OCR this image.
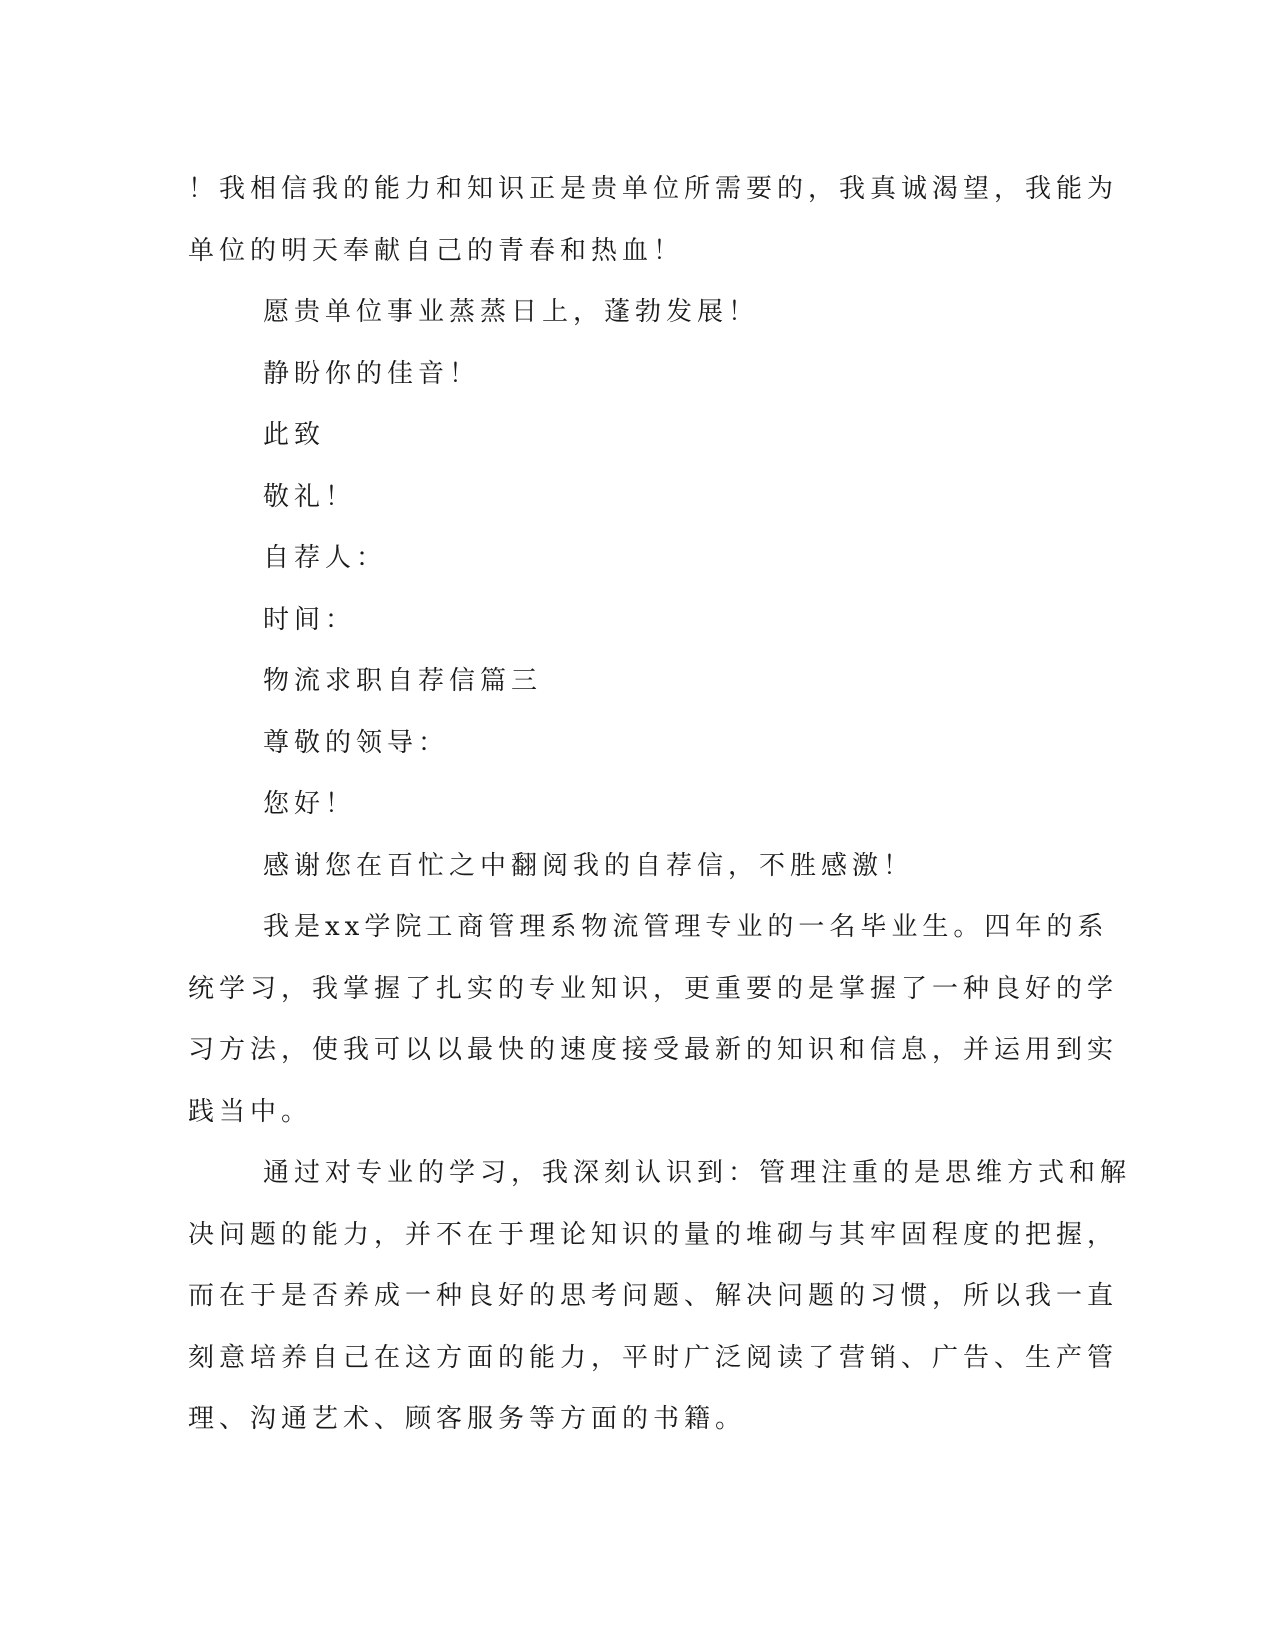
！我相信我的能力和知识正是贵单位所需要的，我真诚渴望，我能为

单位的明天奉献自己的青春和热血！

愿贵单位事业蒸蒸日上，蓬勃发展！

静盼你的佳音！

此致

敬礼！

自荐人：

时间：

物流求职自荐信篇三

尊敬的领导：

您好！

感谢您在百忙之中翻阅我的自荐信，不胜感激！

我是xx学院工商管理系物流管理专业的一名毕业生。四年的系

统学习，我掌握了扎实的专业知识，更重要的是掌握了一种良好的学

习方法，使我可以以最快的速度接受最新的知识和信息，并运用到实

践当中。

通过对专业的学习，我深刻认识到：管理注重的是思维方式和解

决问题的能力，并不在于理论知识的量的堆砌与其牢固程度的把握，

而在于是否养成一种良好的思考问题、解决问题的习惯，所以我一直

刻意培养自己在这方面的能力，平时广泛阅读了营销、广告、生产管

理、沟通艺术、顾客服务等方面的书籍。
